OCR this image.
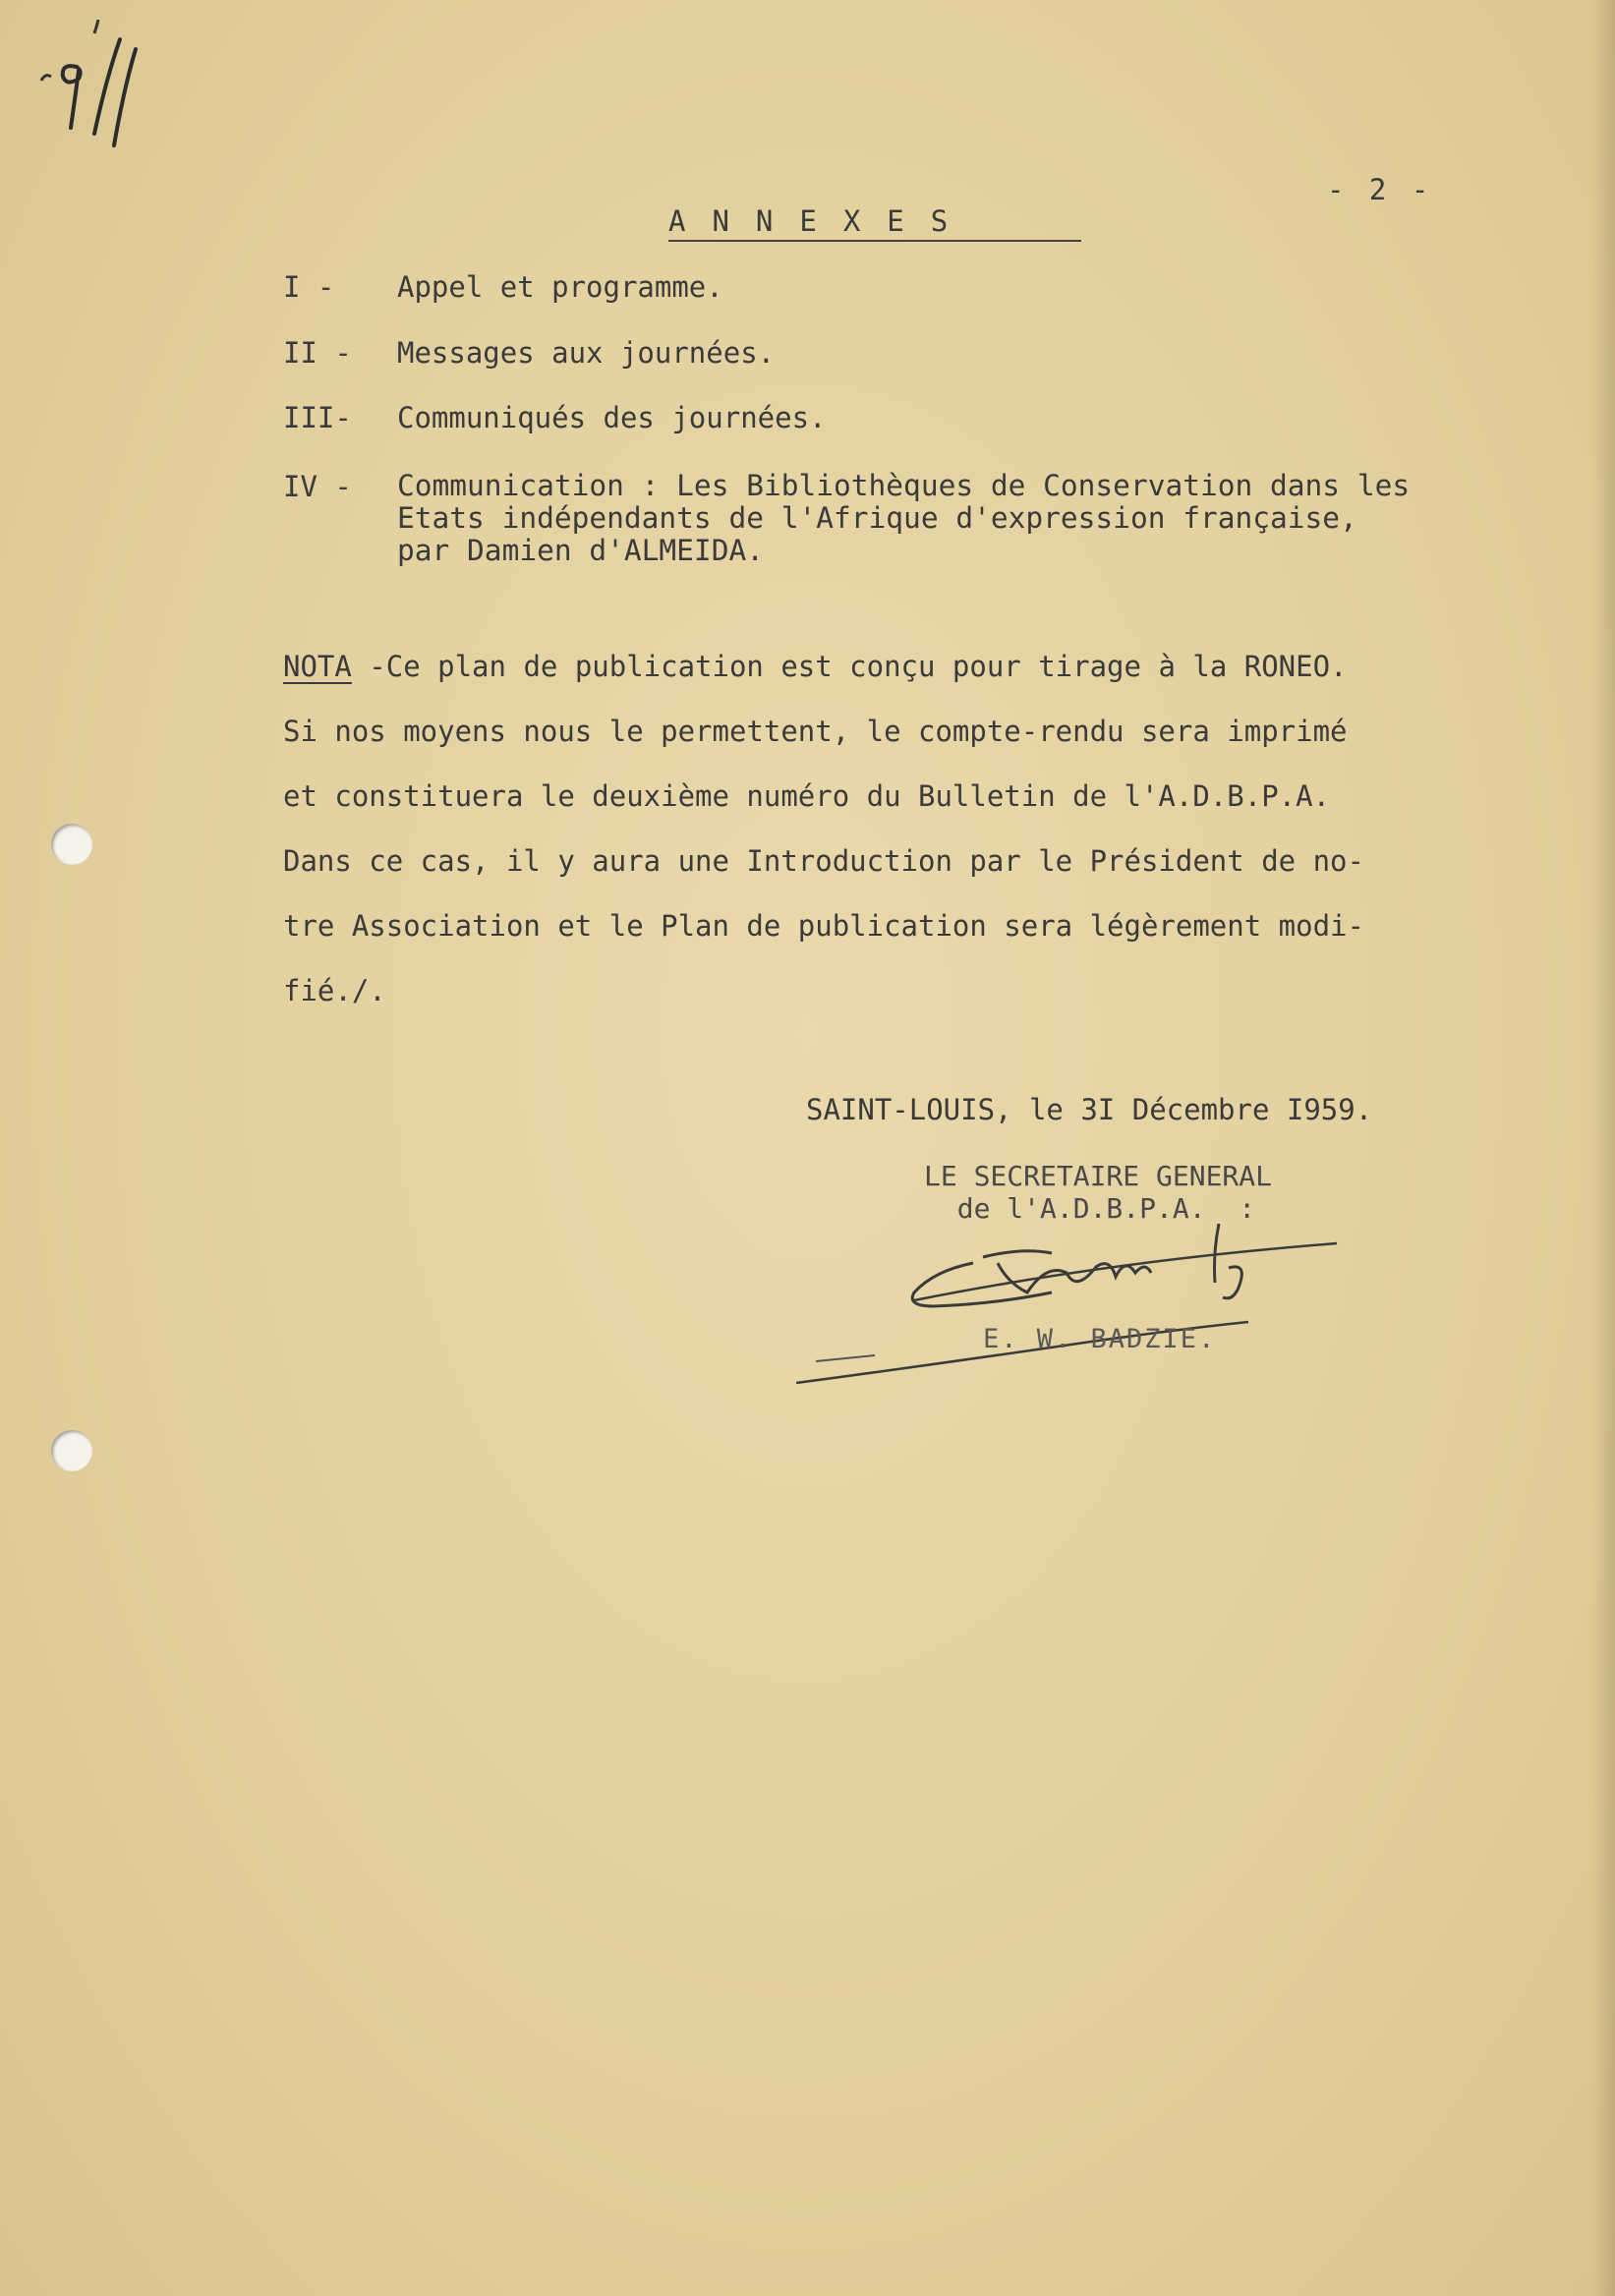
- 2 -
ANNEXES
I - Appel et programme.
II - Messages aux journées.
III- Communiqués des journées.
IV - Communication : Les Bibliothèques de Conservation dans les
Etats indépendants de l'Afrique d'expression française,
par Damien d'ALMEIDA.
NOTA -Ce plan de publication est conçu pour tirage à la RONEO.
Si nos moyens nous le permettent, le compte-rendu sera imprimé
et constituera le deuxième numéro du Bulletin de l'A.D.B.P.A.
Dans ce cas, il y aura une Introduction par le Président de no-
tre Association et le Plan de publication sera légèrement modi-
fié./.
SAINT-LOUIS, le 3I Décembre I959.
LE SECRETAIRE GENERAL
de l'A.D.B.P.A.  :
E. W. BADZIE.
